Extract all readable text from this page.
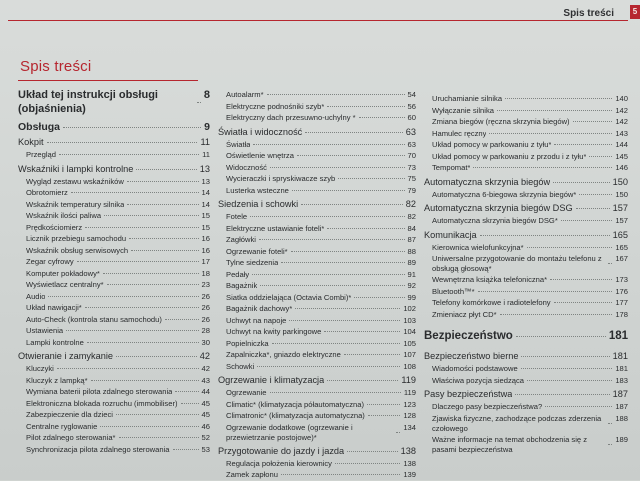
Spis treści	5
Spis treści
Układ tej instrukcji obsługi (objaśnienia)
8
Obsługa	9
Kokpit	11
Przegląd	11
Wskaźniki i lampki kontrolne	13
Wygląd zestawu wskaźników	13
Obrotomierz	14
Wskaźnik temperatury silnika	14
Wskaźnik ilości paliwa	15
Prędkościomierz	15
Licznik przebiegu samochodu	16
Wskaźnik obsług serwisowych	16
Zegar cyfrowy	17
Komputer pokładowy*	18
Wyświetlacz centralny*	23
Audio	26
Układ nawigacji*	26
Auto-Check (kontrola stanu samochodu)	26
Ustawienia	28
Lampki kontrolne	30
Otwieranie i zamykanie	42
Kluczyki	42
Kluczyk z lampką*	43
Wymiana baterii pilota zdalnego sterowania	44
Elektroniczna blokada rozruchu (immobiliser)	45
Zabezpieczenie dla dzieci	45
Centralne ryglowanie	46
Pilot zdalnego sterowania*	52
Synchronizacja pilota zdalnego sterowania	53
Autoalarm*	54
Elektryczne podnośniki szyb*	56
Elektryczny dach przesuwno-uchylny *	60
Światła i widoczność	63
Światła	63
Oświetlenie wnętrza	70
Widoczność	73
Wycieraczki i spryskiwacze szyb	75
Lusterka wsteczne	79
Siedzenia i schowki	82
Fotele	82
Elektryczne ustawianie foteli*	84
Zagłówki	87
Ogrzewanie foteli*	88
Tylne siedzenia	89
Pedały	91
Bagażnik	92
Siatka oddzielająca (Octavia Combi)*	99
Bagażnik dachowy*	102
Uchwyt na napoje	103
Uchwyt na kwity parkingowe	104
Popielniczka	105
Zapalniczka*, gniazdo elektryczne	107
Schowki	108
Ogrzewanie i klimatyzacja	119
Ogrzewanie	119
Climatic* (klimatyzacja półautomatyczna)	123
Climatronic* (klimatyzacja automatyczna)	128
Ogrzewanie dodatkowe (ogrzewanie i przewietrzanie postojowe)*
134
Przygotowanie do jazdy i jazda	138
Regulacja położenia kierownicy	138
Zamek zapłonu	139
Uruchamianie silnika	140
Wyłączanie silnika	142
Zmiana biegów (ręczna skrzynia biegów)	142
Hamulec ręczny	143
Układ pomocy w parkowaniu z tyłu*	144
Układ pomocy w parkowaniu z przodu i z tyłu*	145
Tempomat*	146
Automatyczna skrzynia biegów	150
Automatyczna 6-biegowa skrzynia biegów*	150
Automatyczna skrzynia biegów DSG	157
Automatyczna skrzynia biegów DSG*	157
Komunikacja	165
Kierownica wielofunkcyjna*	165
Uniwersalne przygotowanie do montażu telefonu z obsługą głosową*
167
Wewnętrzna książka telefoniczna*	173
Bluetooth™*	176
Telefony komórkowe i radiotelefony	177
Zmieniacz płyt CD*	178
Bezpieczeństwo	181
Bezpieczeństwo bierne	181
Wiadomości podstawowe	181
Właściwa pozycja siedząca	183
Pasy bezpieczeństwa	187
Dlaczego pasy bezpieczeństwa?	187
Zjawiska fizyczne, zachodzące podczas zderzenia czołowego
188
Ważne informacje na temat obchodzenia się z pasami bezpieczeństwa
189
